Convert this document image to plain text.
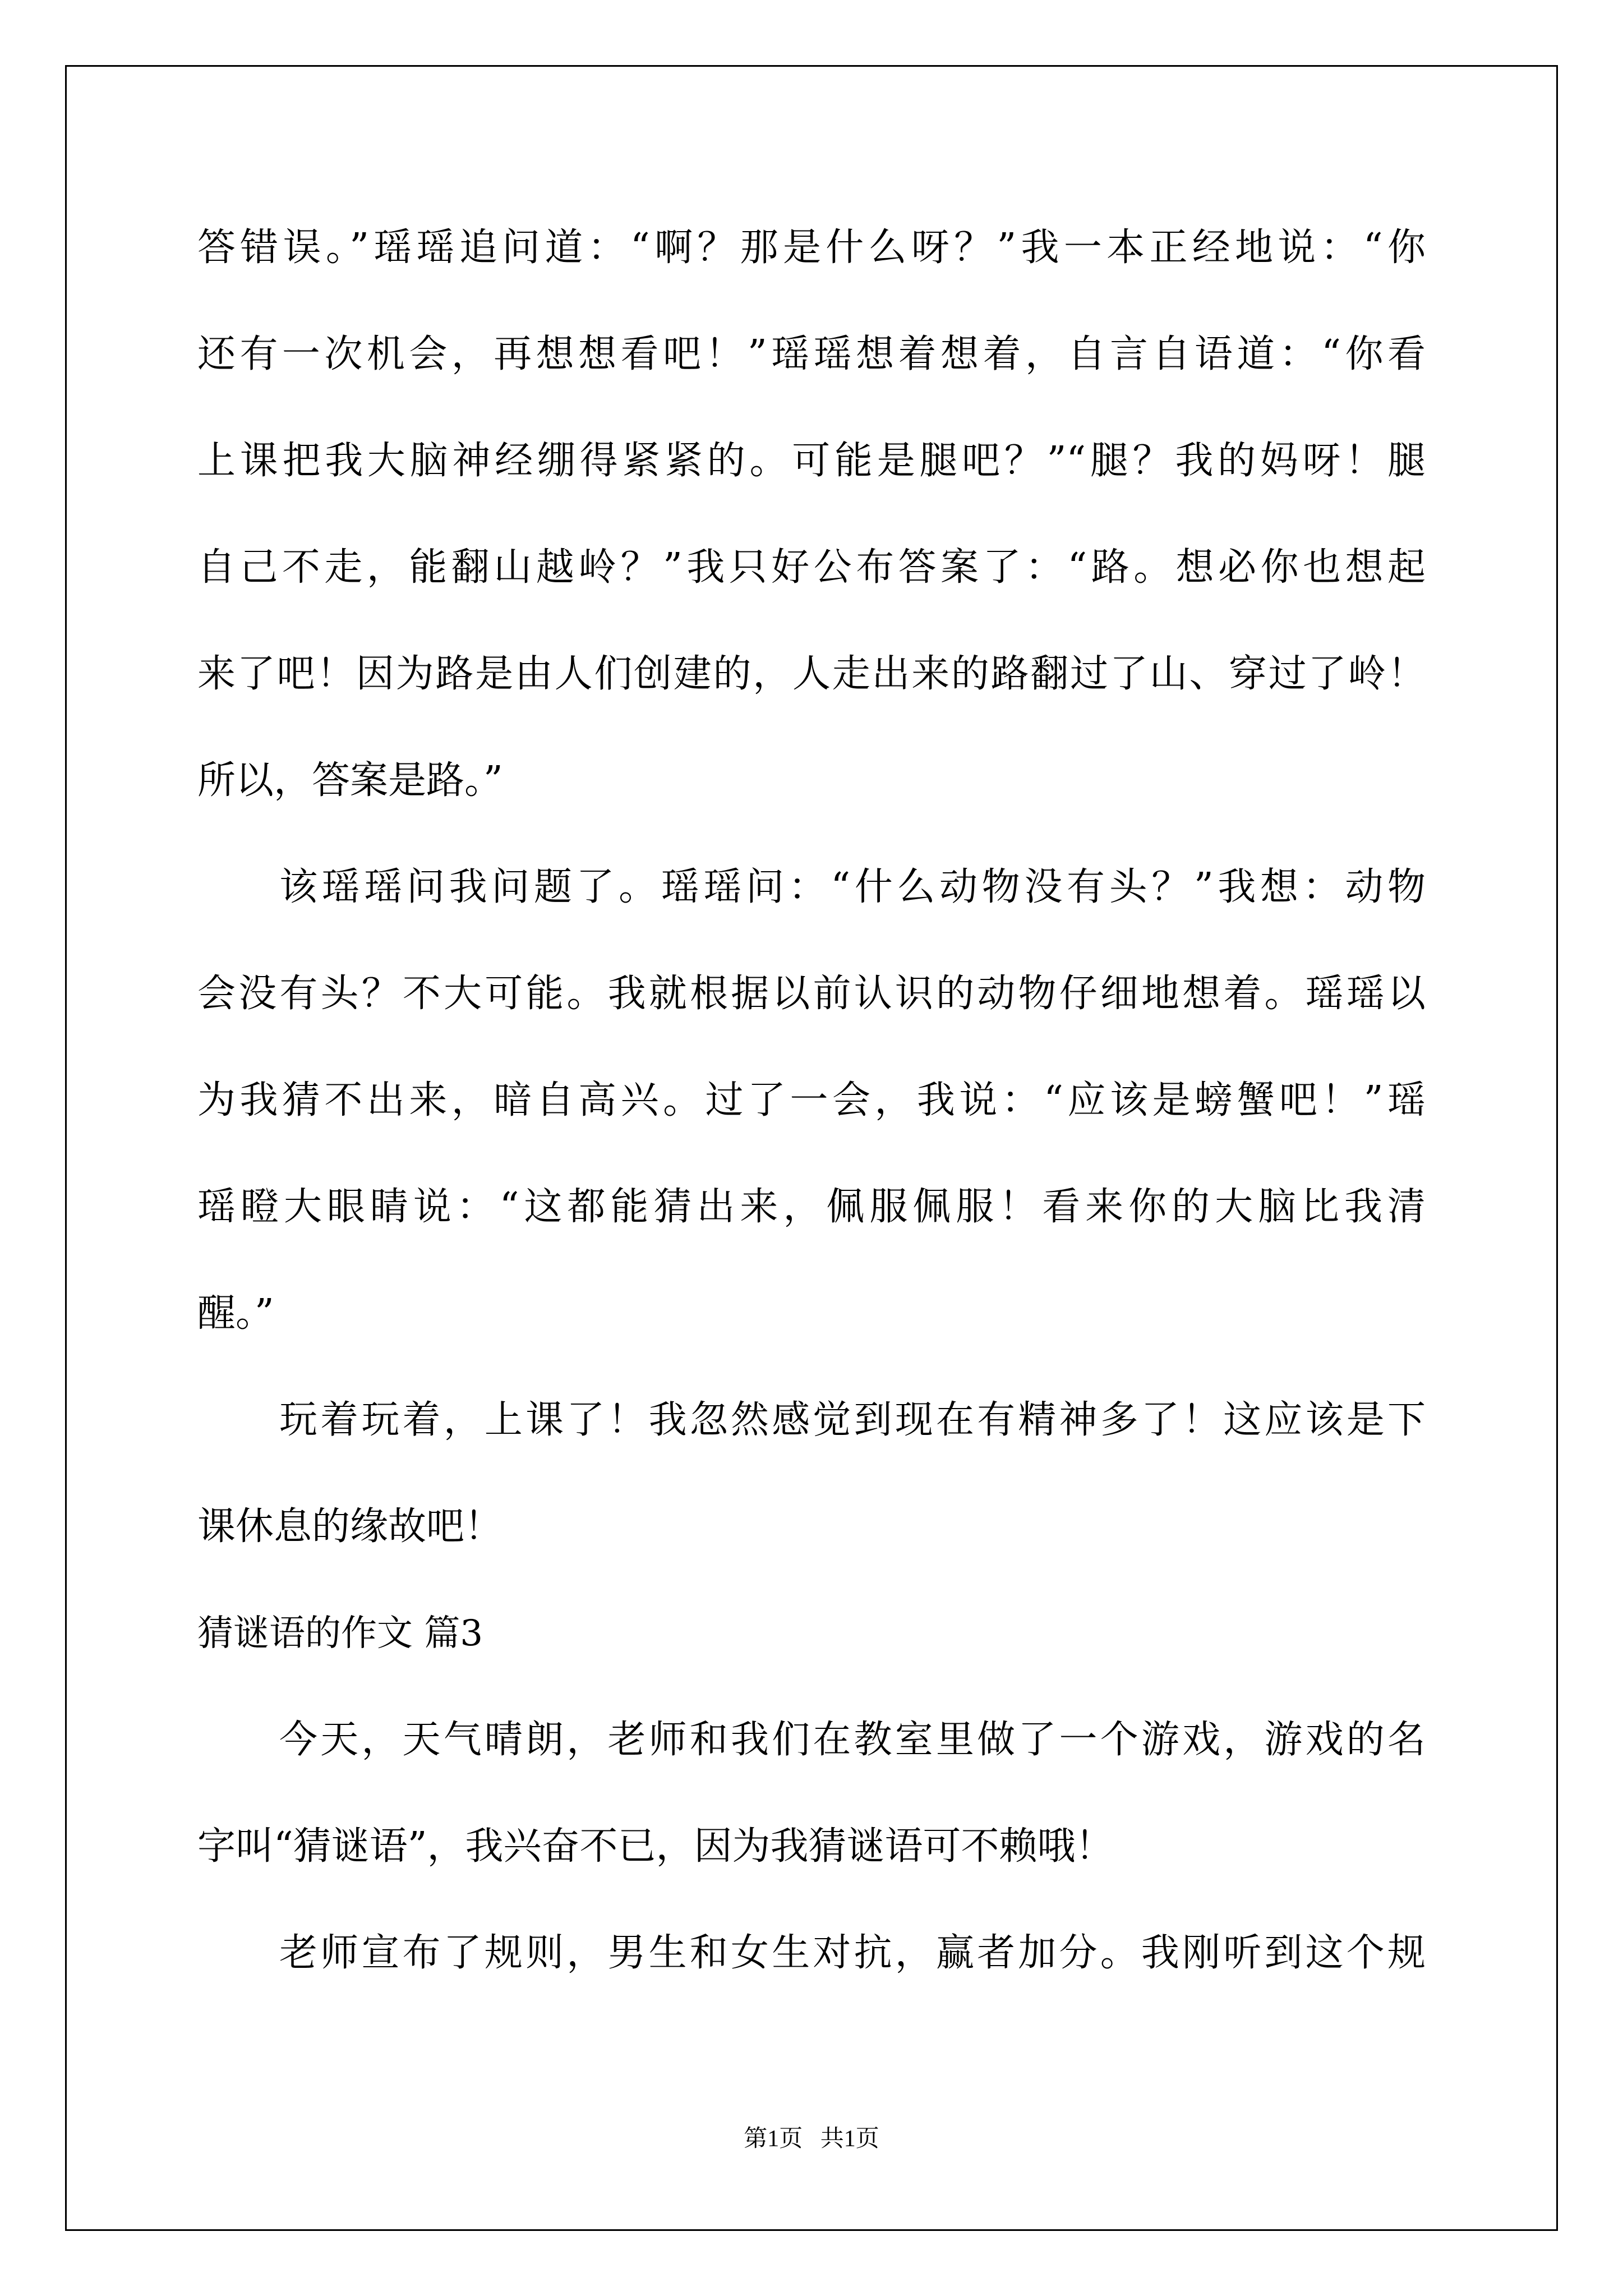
答错误。”瑶瑶追问道：“啊？那是什么呀？”我一本正经地说：“你

还有一次机会，再想想看吧！”瑶瑶想着想着，自言自语道：“你看

上课把我大脑神经绷得紧紧的。可能是腿吧？”“腿？我的妈呀！腿

自己不走，能翻山越岭？”我只好公布答案了：“路。想必你也想起

来了吧！因为路是由人们创建的，人走出来的路翻过了山、穿过了岭！

所以，答案是路。”

该瑶瑶问我问题了。瑶瑶问：“什么动物没有头？”我想：动物

会没有头？不大可能。我就根据以前认识的动物仔细地想着。瑶瑶以

为我猜不出来，暗自高兴。过了一会，我说：“应该是螃蟹吧！”瑶

瑶瞪大眼睛说：“这都能猜出来，佩服佩服！看来你的大脑比我清

醒。”

玩着玩着，上课了！我忽然感觉到现在有精神多了！这应该是下

课休息的缘故吧！

猜谜语的作文 篇3

今天，天气晴朗，老师和我们在教室里做了一个游戏，游戏的名

字叫“猜谜语”，我兴奋不已，因为我猜谜语可不赖哦！

老师宣布了规则，男生和女生对抗，赢者加分。我刚听到这个规

第1页   共1页
